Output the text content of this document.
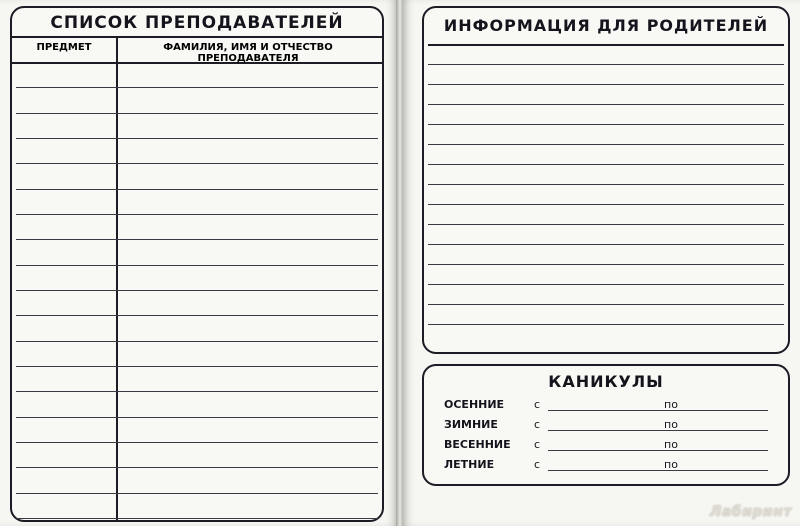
СПИСОК ПРЕПОДАВАТЕЛЕЙ
ПРЕДМЕТ	ФАМИЛИЯ, ИМЯ И ОТЧЕСТВО ПРЕПОДАВАТЕЛЯ
ИНФОРМАЦИЯ ДЛЯ РОДИТЕЛЕЙ
КАНИКУЛЫ
ОСЕННИЕ	с	по
ЗИМНИЕ	с	по
ВЕСЕННИЕ с	по
ЛЕТНИЕ	с	по
Лабиринт
